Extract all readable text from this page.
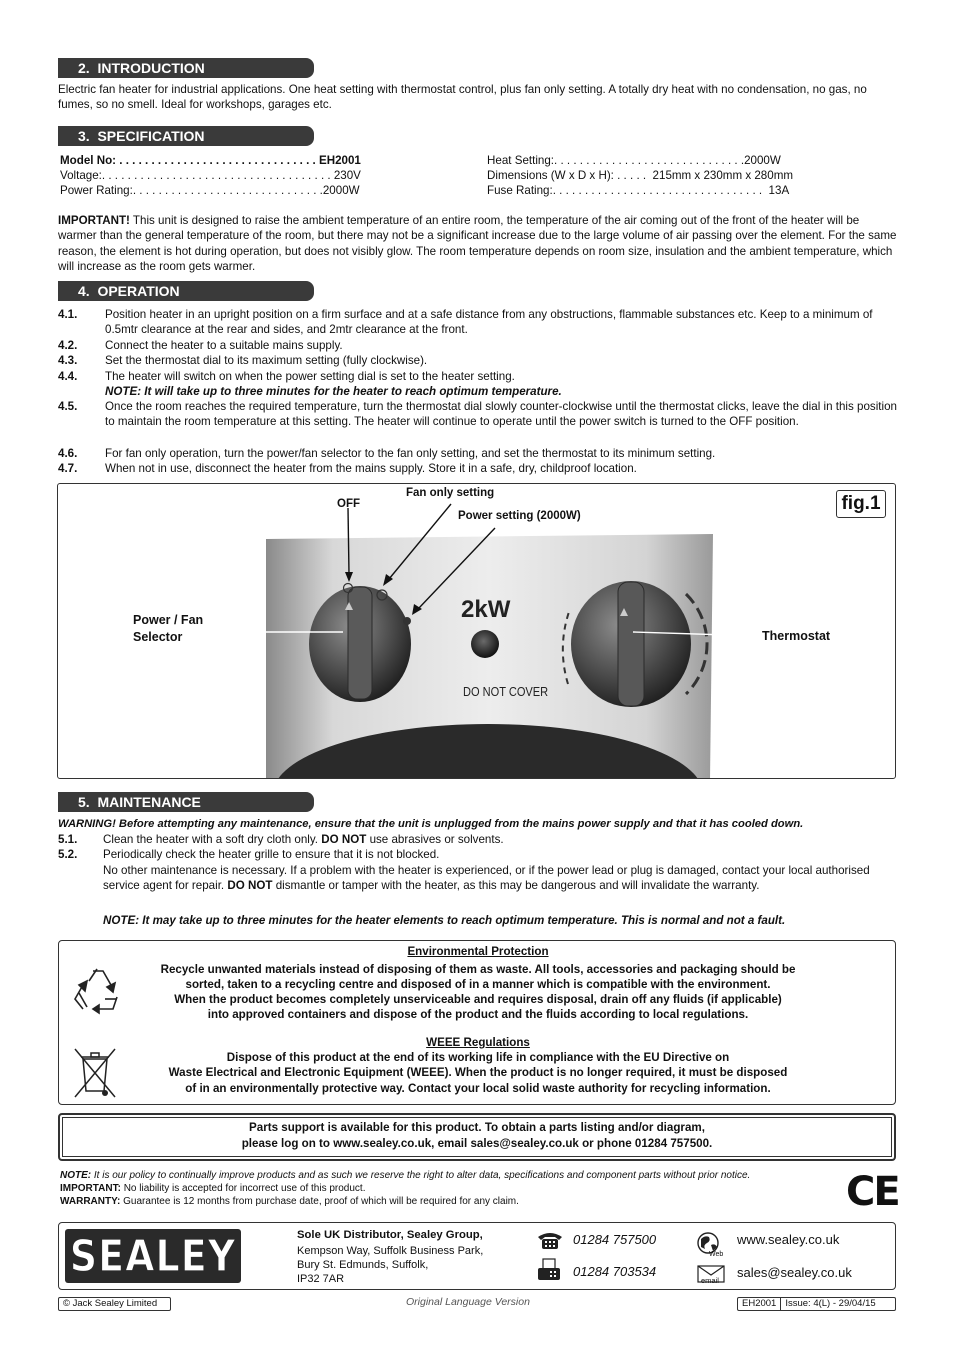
2.  INTRODUCTION
Electric fan heater for industrial applications. One heat setting with thermostat control, plus fan only setting. A totally dry heat with no condensation, no gas, no fumes, so no smell. Ideal for workshops, garages etc.
3.  SPECIFICATION
Model No: . . . . . . . . . . . . . . . . . . . . . . . . . . . . . . . EH2001
Voltage:. . . . . . . . . . . . . . . . . . . . . . . . . . . . . . . . . . . . 230V
Power Rating:. . . . . . . . . . . . . . . . . . . . . . . . . . . . . .2000W
Heat Setting:. . . . . . . . . . . . . . . . . . . . . . . . . . . . . .2000W
Dimensions (W x D x H): . . . . .  215mm x 230mm x 280mm
Fuse Rating:. . . . . . . . . . . . . . . . . . . . . . . . . . . . . . . . .  13A
IMPORTANT! This unit is designed to raise the ambient temperature of an entire room, the temperature of the air coming out of the front of the heater will be warmer than the general temperature of the room, but there may not be a significant increase due to the large volume of air passing over the element. For the same reason, the element is hot during operation, but does not visibly glow. The room temperature depends on room size, insulation and the ambient temperature, which will increase as the room gets warmer.
4.  OPERATION
4.1. Position heater in an upright position on a firm surface and at a safe distance from any obstructions, flammable substances etc. Keep to a minimum of 0.5mtr clearance at the rear and sides, and 2mtr clearance at the front.
4.2. Connect the heater to a suitable mains supply.
4.3. Set the thermostat dial to its maximum setting (fully clockwise).
4.4. The heater will switch on when the power setting dial is set to the heater setting.
NOTE: It will take up to three minutes for the heater to reach optimum temperature.
4.5. Once the room reaches the required temperature, turn the thermostat dial slowly counter-clockwise until the thermostat clicks, leave the dial in this position to maintain the room temperature at this setting. The heater will continue to operate until the power switch is turned to the OFF position.
4.6. For fan only operation, turn the power/fan selector to the fan only setting, and set the thermostat to its minimum setting.
4.7. When not in use, disconnect the heater from the mains supply. Store it in a safe, dry, childproof location.
2kW
DO NOT COVER
OFF
Fan only setting
Power setting (2000W)
Power / Fan
Selector	Thermostat
fig.1
5.  MAINTENANCE
WARNING! Before attempting any maintenance, ensure that the unit is unplugged from the mains power supply and that it has cooled down.
5.1. Clean the heater with a soft dry cloth only. DO NOT use abrasives or solvents.
5.2. Periodically check the heater grille to ensure that it is not blocked.
No other maintenance is necessary. If a problem with the heater is experienced, or if the power lead or plug is damaged, contact your local authorised service agent for repair. DO NOT dismantle or tamper with the heater, as this may be dangerous and will invalidate the warranty.
NOTE: It may take up to three minutes for the heater elements to reach optimum temperature. This is normal and not a fault.
Environmental Protection
Recycle unwanted materials instead of disposing of them as waste. All tools, accessories and packaging should be
sorted, taken to a recycling centre and disposed of in a manner which is compatible with the environment.
When the product becomes completely unserviceable and requires disposal, drain off any fluids (if applicable)
into approved containers and dispose of the product and the fluids according to local regulations.
WEEE Regulations
Dispose of this product at the end of its working life in compliance with the EU Directive on
Waste Electrical and Electronic Equipment (WEEE). When the product is no longer required, it must be disposed
of in an environmentally protective way. Contact your local solid waste authority for recycling information.
Parts support is available for this product. To obtain a parts listing and/or diagram,
please log on to www.sealey.co.uk, email sales@sealey.co.uk or phone 01284 757500.
NOTE: It is our policy to continually improve products and as such we reserve the right to alter data, specifications and component parts without prior notice.
IMPORTANT: No liability is accepted for incorrect use of this product.
WARRANTY: Guarantee is 12 months from purchase date, proof of which will be required for any claim.	CE
SEALEY	Sole UK Distributor, Sealey Group,
Kempson Way, Suffolk Business Park,
Bury St. Edmunds, Suffolk,
IP32 7AR
01284 757500
01284 703534
Web
www.sealey.co.uk
email
sales@sealey.co.uk
© Jack Sealey Limited	Original Language Version	EH2001 Issue: 4(L) - 29/04/15
